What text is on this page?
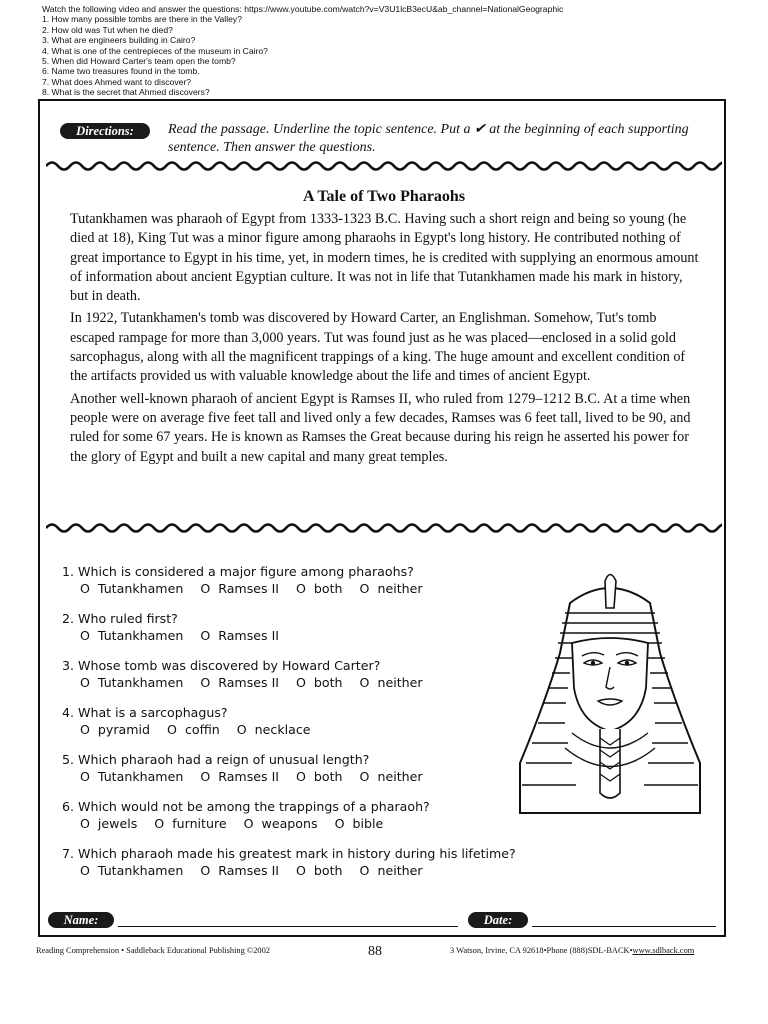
Watch the following video and answer the questions: https://www.youtube.com/watch?v=V3U1lcB3ecU&ab_channel=NationalGeographic
1. How many possible tombs are there in the Valley?
2. How old was Tut when he died?
3. What are engineers building in Cairo?
4. What is one of the centrepieces of the museum in Cairo?
5. When did Howard Carter's team open the tomb?
6. Name two treasures found in the tomb.
7. What does Ahmed want to discover?
8. What is the secret that Ahmed discovers?
Directions:	Read the passage. Underline the topic sentence. Put a ✔ at the beginning of each supporting sentence. Then answer the questions.
A Tale of Two Pharaohs

Tutankhamen was pharaoh of Egypt from 1333-1323 B.C. Having such a short reign and being so young (he died at 18), King Tut was a minor figure among pharaohs in Egypt's long history. He contributed nothing of great importance to Egypt in his time, yet, in modern times, he is credited with supplying an enormous amount of information about ancient Egyptian culture. It was not in life that Tutankhamen made his mark in history, but in death.

In 1922, Tutankhamen's tomb was discovered by Howard Carter, an Englishman. Somehow, Tut's tomb escaped rampage for more than 3,000 years. Tut was found just as he was placed—enclosed in a solid gold sarcophagus, along with all the magnificent trappings of a king. The huge amount and excellent condition of the artifacts provided us with valuable knowledge about the life and times of ancient Egypt.

Another well-known pharaoh of ancient Egypt is Ramses II, who ruled from 1279–1212 B.C. At a time when people were on average five feet tall and lived only a few decades, Ramses was 6 feet tall, lived to be 90, and ruled for some 67 years. He is known as Ramses the Great because during his reign he asserted his power for the glory of Egypt and built a new capital and many great temples.

1. Which is considered a major figure among pharaohs?
O Tutankhamen O Ramses II O both O neither
2. Who ruled first?
O Tutankhamen O Ramses II
3. Whose tomb was discovered by Howard Carter?
O Tutankhamen O Ramses II O both O neither
4. What is a sarcophagus?
O pyramid O coffin O necklace
5. Which pharaoh had a reign of unusual length?
O Tutankhamen O Ramses II O both O neither
6. Which would not be among the trappings of a pharaoh?
O jewels O furniture O weapons O bible
7. Which pharaoh made his greatest mark in history during his lifetime?
O Tutankhamen O Ramses II O both O neither
Name:	Date:
Reading Comprehension • Saddleback Educational Publishing ©2002	88	3 Watson, Irvine, CA 92618•Phone (888)SDL-BACK•www.sdlback.com
